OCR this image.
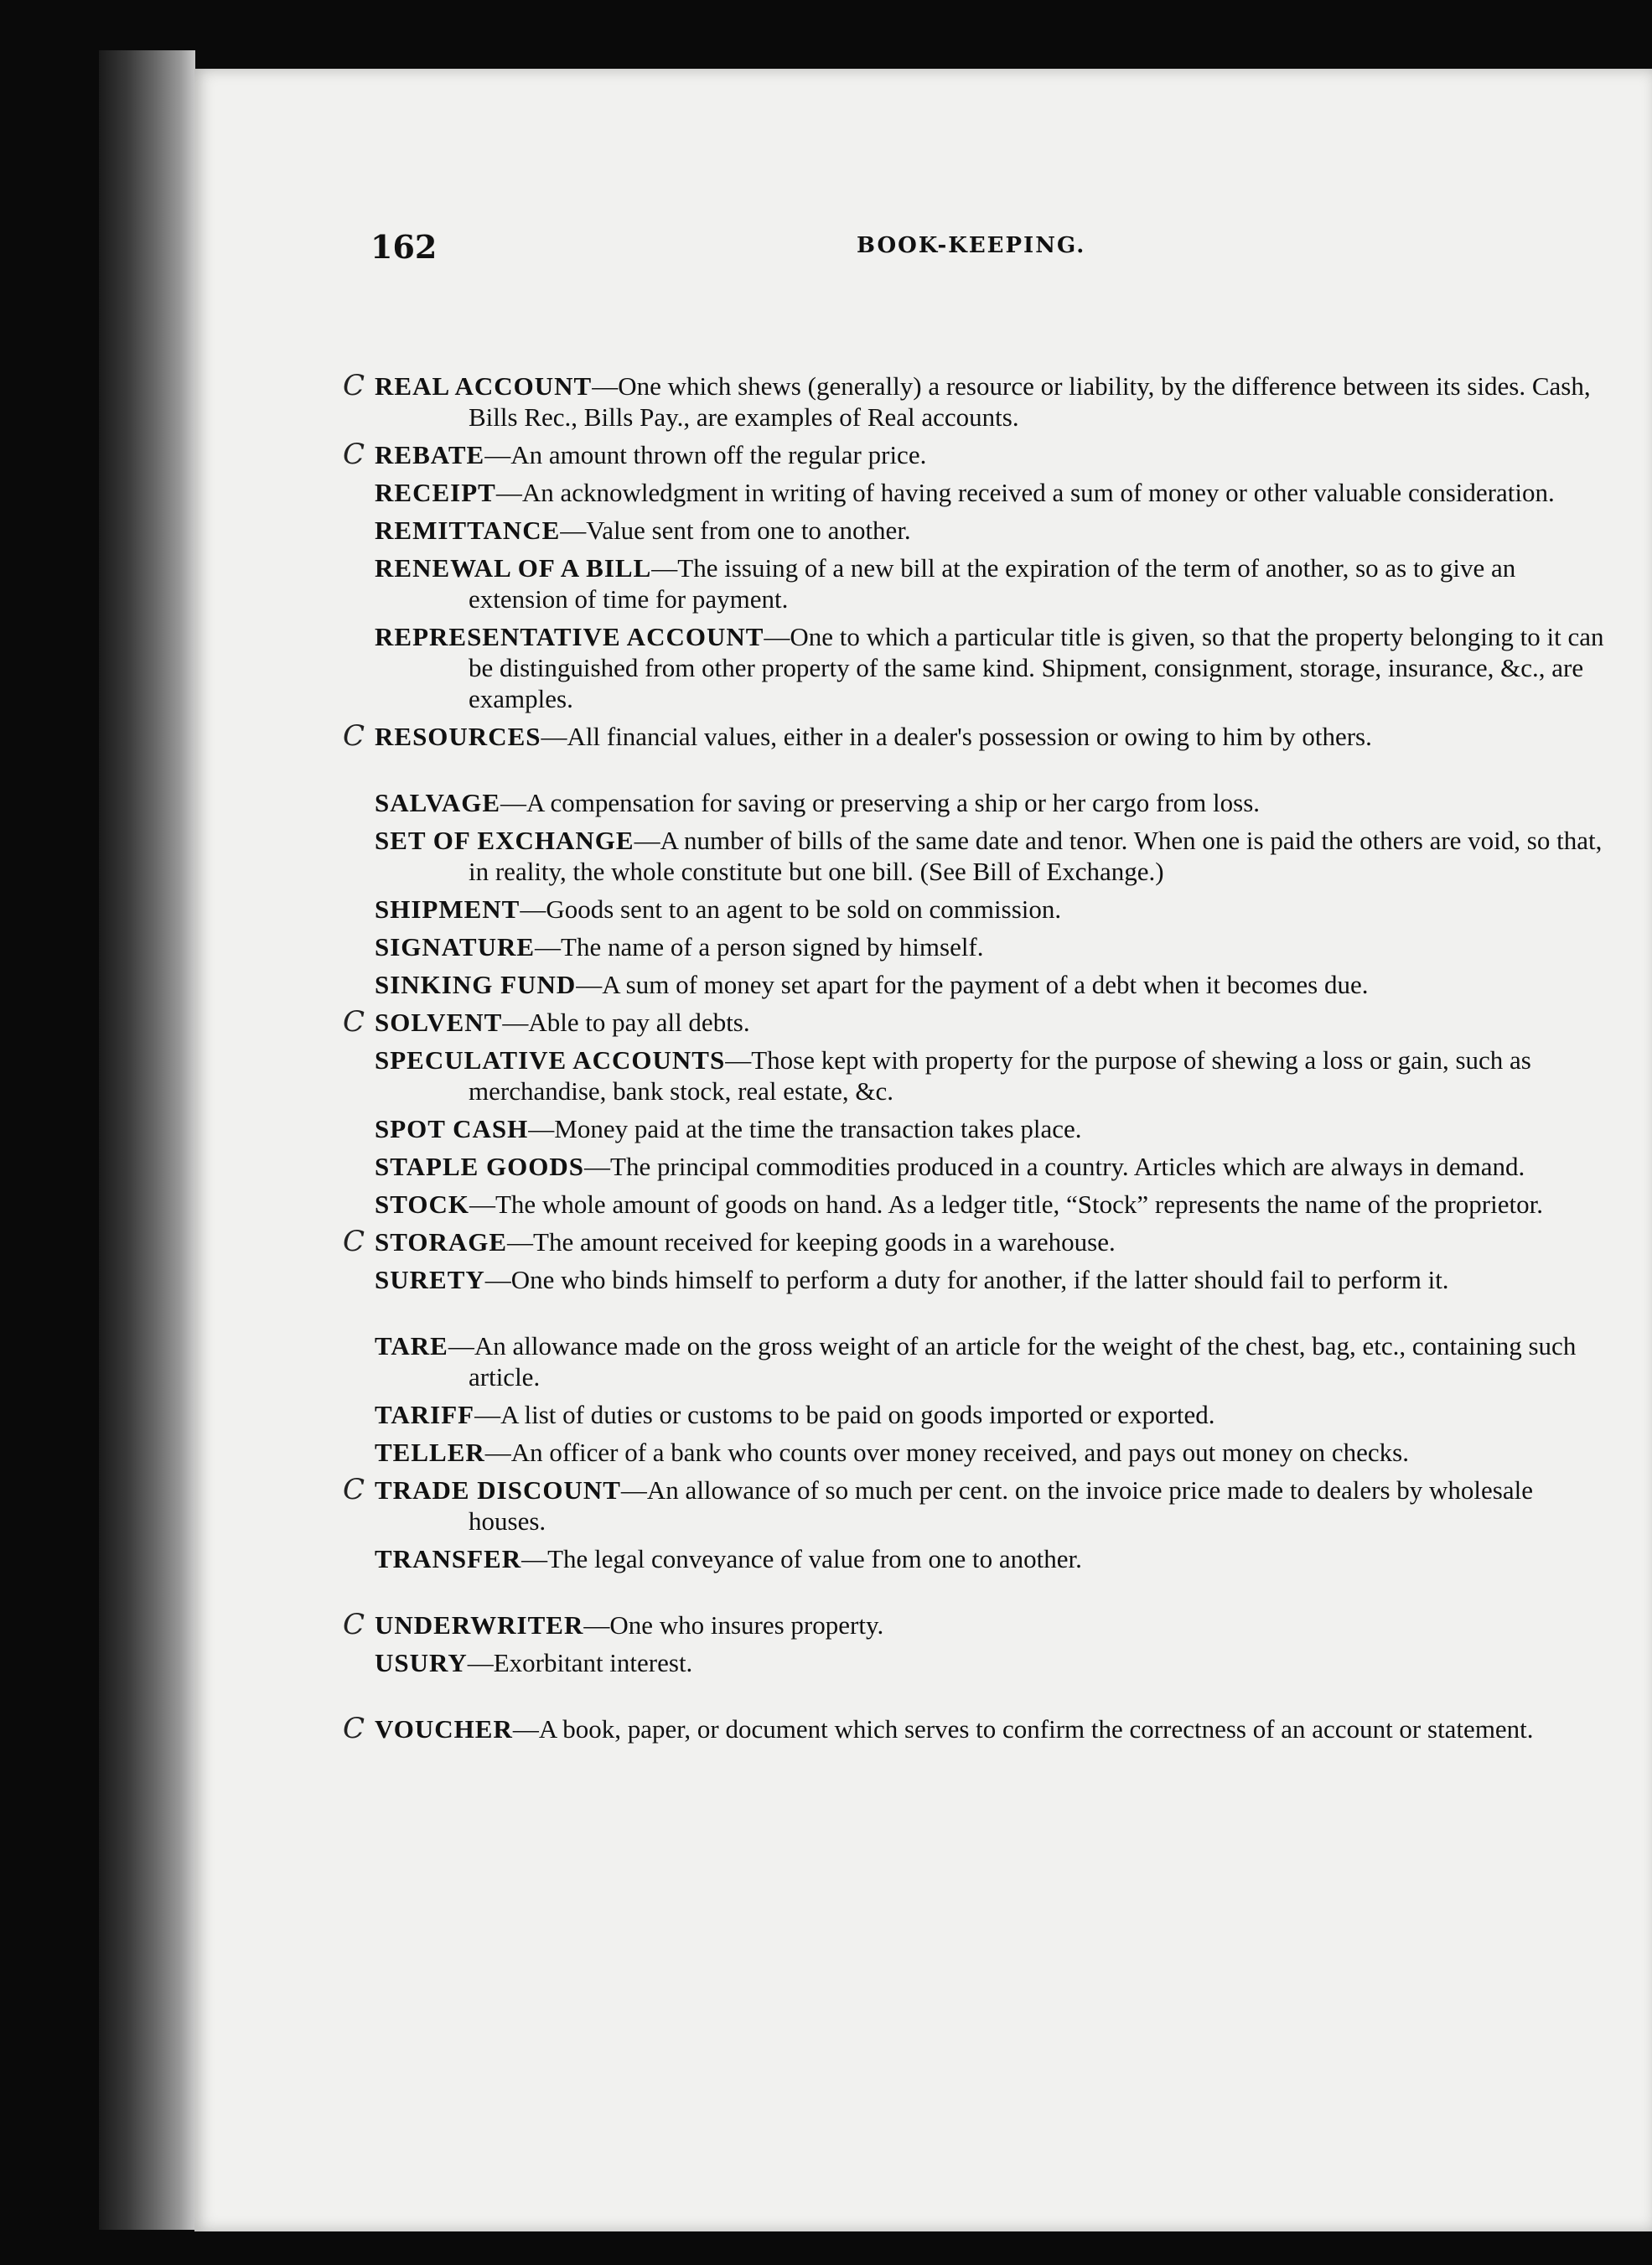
162	BOOK-KEEPING.
C REAL ACCOUNT—One which shews (generally) a resource or liability, by the difference between its sides. Cash, Bills Rec., Bills Pay., are examples of Real accounts.
C REBATE—An amount thrown off the regular price.
RECEIPT—An acknowledgment in writing of having received a sum of money or other valuable consideration.
REMITTANCE—Value sent from one to another.
RENEWAL OF A BILL—The issuing of a new bill at the expiration of the term of another, so as to give an extension of time for payment.
REPRESENTATIVE ACCOUNT—One to which a particular title is given, so that the property belonging to it can be distinguished from other property of the same kind. Shipment, consignment, storage, insurance, &c., are examples.
C RESOURCES—All financial values, either in a dealer's possession or owing to him by others.
SALVAGE—A compensation for saving or preserving a ship or her cargo from loss.
SET OF EXCHANGE—A number of bills of the same date and tenor. When one is paid the others are void, so that, in reality, the whole constitute but one bill. (See Bill of Exchange.)
SHIPMENT—Goods sent to an agent to be sold on commission.
SIGNATURE—The name of a person signed by himself.
SINKING FUND—A sum of money set apart for the payment of a debt when it becomes due.
C SOLVENT—Able to pay all debts.
SPECULATIVE ACCOUNTS—Those kept with property for the purpose of shewing a loss or gain, such as merchandise, bank stock, real estate, &c.
SPOT CASH—Money paid at the time the transaction takes place.
STAPLE GOODS—The principal commodities produced in a country. Articles which are always in demand.
STOCK—The whole amount of goods on hand. As a ledger title, “Stock” represents the name of the proprietor.
C STORAGE—The amount received for keeping goods in a warehouse.
SURETY—One who binds himself to perform a duty for another, if the latter should fail to perform it.
TARE—An allowance made on the gross weight of an article for the weight of the chest, bag, etc., containing such article.
TARIFF—A list of duties or customs to be paid on goods imported or exported.
TELLER—An officer of a bank who counts over money received, and pays out money on checks.
C TRADE DISCOUNT—An allowance of so much per cent. on the invoice price made to dealers by wholesale houses.
TRANSFER—The legal conveyance of value from one to another.
C UNDERWRITER—One who insures property.
USURY—Exorbitant interest.
C VOUCHER—A book, paper, or document which serves to confirm the correctness of an account or statement.
